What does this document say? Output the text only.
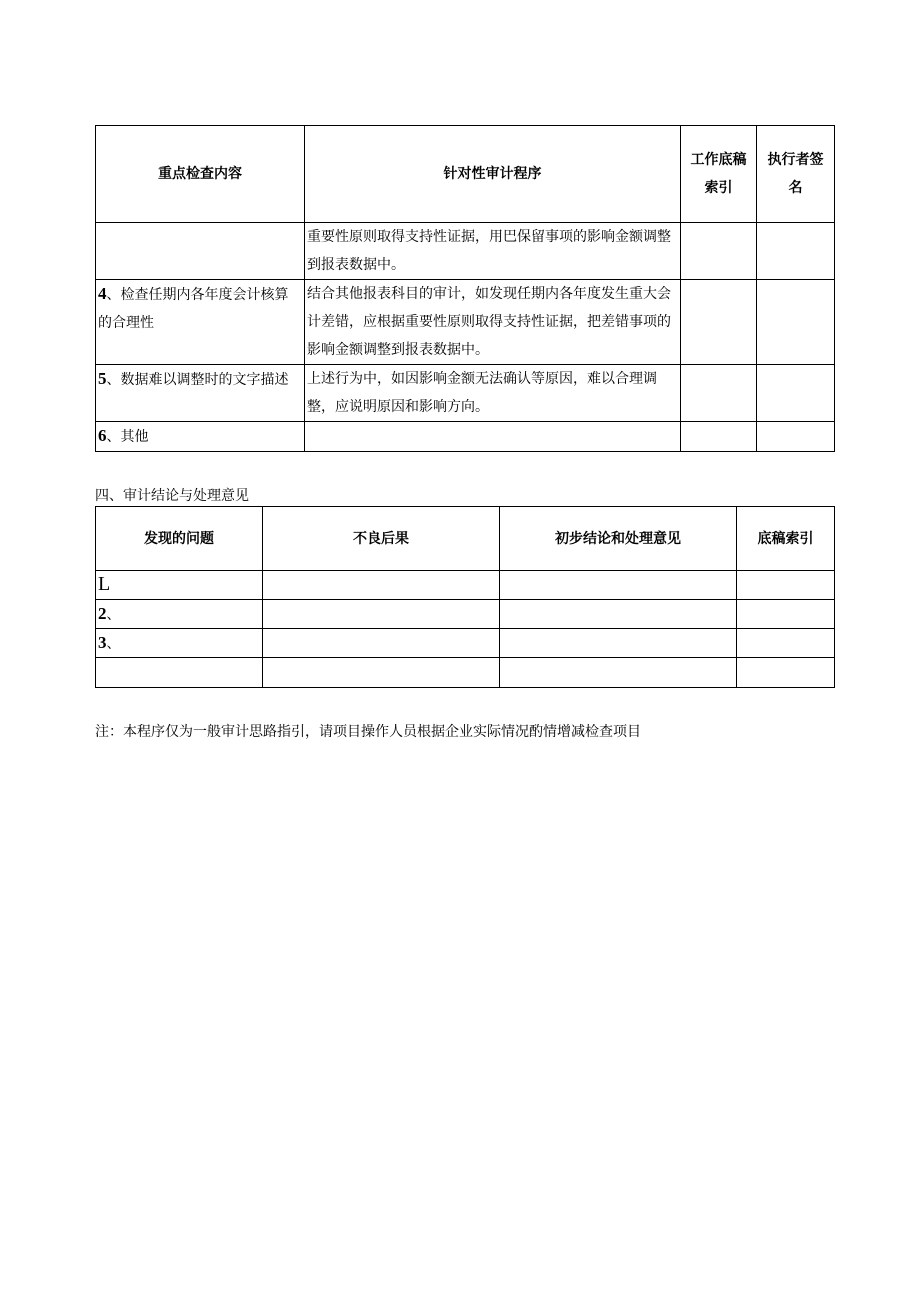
重点检查内容	针对性审计程序	工作底稿索引	执行者签名

	重要性原则取得支持性证据，用巴保留事项的影响金额调整到报表数据中。		

4、检查任期内各年度会计核算的合理性	结合其他报表科目的审计，如发现任期内各年度发生重大会计差错，应根据重要性原则取得支持性证据，把差错事项的影响金额调整到报表数据中。		

5、数据难以调整时的文字描述	上述行为中，如因影响金额无法确认等原因，难以合理调整，应说明原因和影响方向。		

6、其他			

四、审计结论与处理意见
发现的问题	不良后果	初步结论和处理意见	底稿索引

L			

2、			

3、			

注：本程序仅为一般审计思路指引，请项目操作人员根据企业实际情况酌情增减检查项目
